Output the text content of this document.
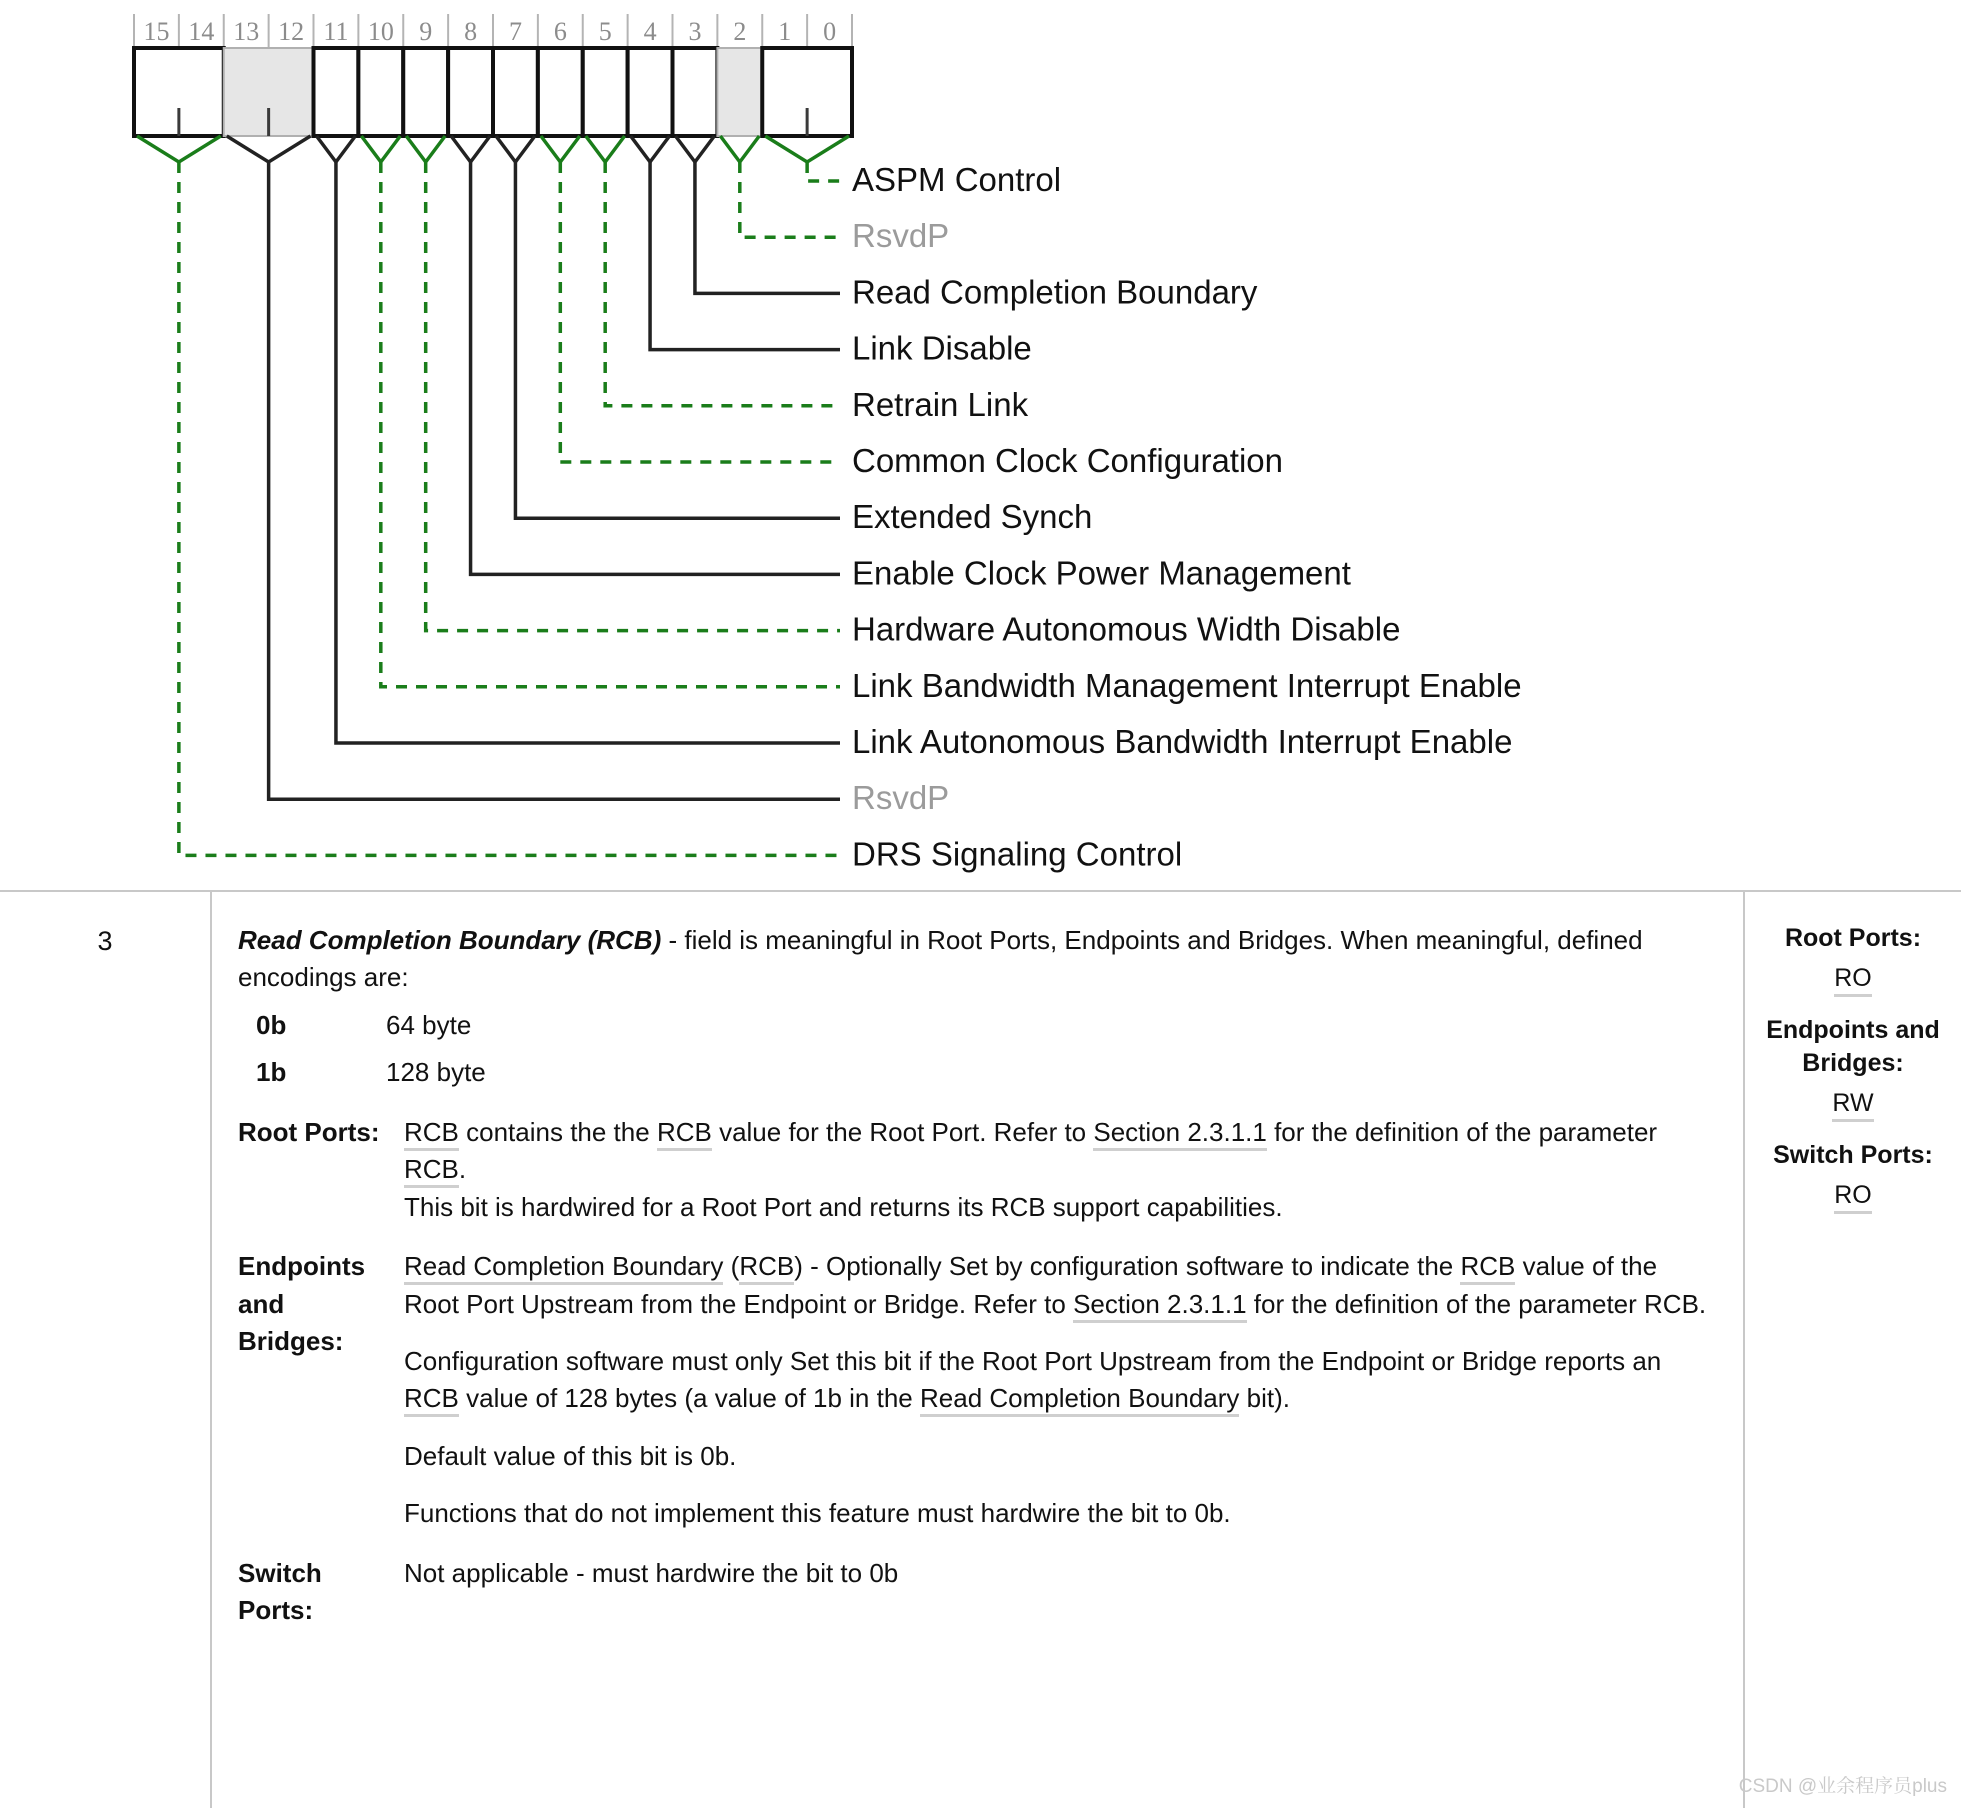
15 14 13 12 11 10 9 8 7 6 5 4 3 2 1 0
ASPM Control
RsvdP
Read Completion Boundary
Link Disable
Retrain Link
Common Clock Configuration
Extended Synch
Enable Clock Power Management
Hardware Autonomous Width Disable
Link Bandwidth Management Interrupt Enable
Link Autonomous Bandwidth Interrupt Enable
RsvdP
DRS Signaling Control
3	Read Completion Boundary (RCB) - field is meaningful in Root Ports, Endpoints and Bridges. When meaningful, defined encodings are:

0b	64 byte
1b	128 byte
Root Ports: RCB contains the the RCB value for the Root Port. Refer to Section 2.3.1.1 for the definition of the parameter RCB.

This bit is hardwired for a Root Port and returns its RCB support capabilities.

Endpoints and Bridges:

Read Completion Boundary (RCB) - Optionally Set by configuration software to indicate the RCB value of the Root Port Upstream from the Endpoint or Bridge. Refer to Section 2.3.1.1 for the definition of the parameter RCB.

Configuration software must only Set this bit if the Root Port Upstream from the Endpoint or Bridge reports an RCB value of 128 bytes (a value of 1b in the Read Completion Boundary bit).

Default value of this bit is 0b.

Functions that do not implement this feature must hardwire the bit to 0b.

Switch Ports:

Not applicable - must hardwire the bit to 0b

Root Ports:
RO
Endpoints and Bridges:
RW
Switch Ports:
RO
CSDN @业余程序员plus
